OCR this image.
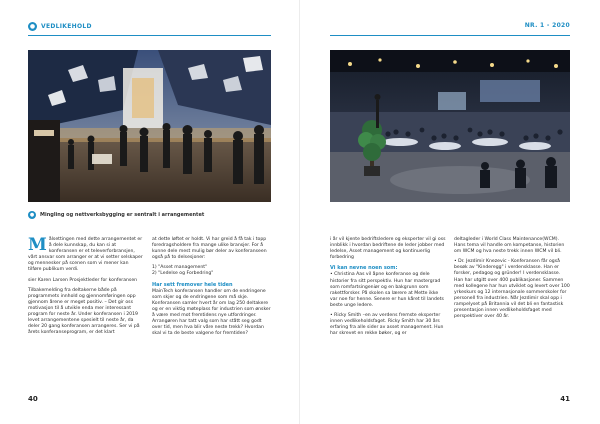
● VEDLIKEHOLD
●	Mingling og nettverksbygging er sentralt i arrangementet

Målsettingen med dette arrangementet er å dele kunnskap, du kan si at konferansen er et televerforbransjen, vårt ansvar som arranger er at vi setter selskaper og mennesker på scenen som vi mener kan tilføre publikum verdi.

sier Karen Larsen Prosjektleder for konferansen

Tilbakemelding fra deltakerne både på programmets innhold og gjennomføringen opp gjennom årene er meget positiv. – Det gir oss motivasjon til å utvikle enda mer interessant program for neste år. Under konferansen i 2019 levet arrangementene spesielt til neste år, da deler 20 gang konferansen arrangeres. Ser vi på årets konferanseprogram, er det klart

at dette løftet er holdt. Vi har greid å få tak i topp foredragsholdere fra mange ulike bransjer. For å kunne dele mest mulig bør deler av konferanseen også på to delsesjoner:

1) "Asset management"

2) "Ledelse og Forbedring"

Har sett fremover hele tiden

MainTech konferansen handler om de endringene som skjer og de endringene som må skje. Konferansen samler hvert år om lag 250 deltakere og er en viktig møteplass for industrien som ønsker å være med mot fremtidens nye utfordringer. Arrangøren har tatt valg som har stått seg godt over tid, men hva blir våre neste trekk? Hvordan skal vi ta de beste valgene for fremtiden?

40
NR. 1 - 2020

i år vil kjente bedriftsledere og eksperter vil gi oss innblikk i hvordan bedriftene de leder jobber med ledelse, Asset management og kontinuerlig forbedring

Vi kan nevne noen som:

• Christina Aas vil åpne konferanse og dele historier fra sitt perspektiv. Hun har mastergrad som romfartsingeniør og en bakgrunn som rakettforsker. På skolen sa lærere at Mette ikke var noe for henne. Senere er hun kåret til landets beste unge ledere.

• Ricky Smith –en av verdens fremste eksperter innen vedlikeholdsfaget. Ricky Smith har 30 års erfaring fra alle sider av asset management. Hun har skrevet en rekke bøker, og er

deltagleder i World Class Maintenance(WCM). Hans tema vil handle om kompetanse, historien om WCM og hva neste trekk innen WCM vil bli.

• Dr. Jezdimir Knezevic - Konferansen får også besøk av "Kinderegg" i verdensklasse. Han er forsker, pedagog og gründer! I verdensklasse. Han har utgitt over 400 publikasjoner. Sammen med kollegene har hun utviklet og levert over 100 yrkeskurs og 12 internasjonale sommerskoler for personell fra industrien. Når Jezdimir skal opp i rampelyset på Britannia vil det bli en fantastisk presentasjon innen vedlikeholdsfaget med perspektiver over 40 år.

41
